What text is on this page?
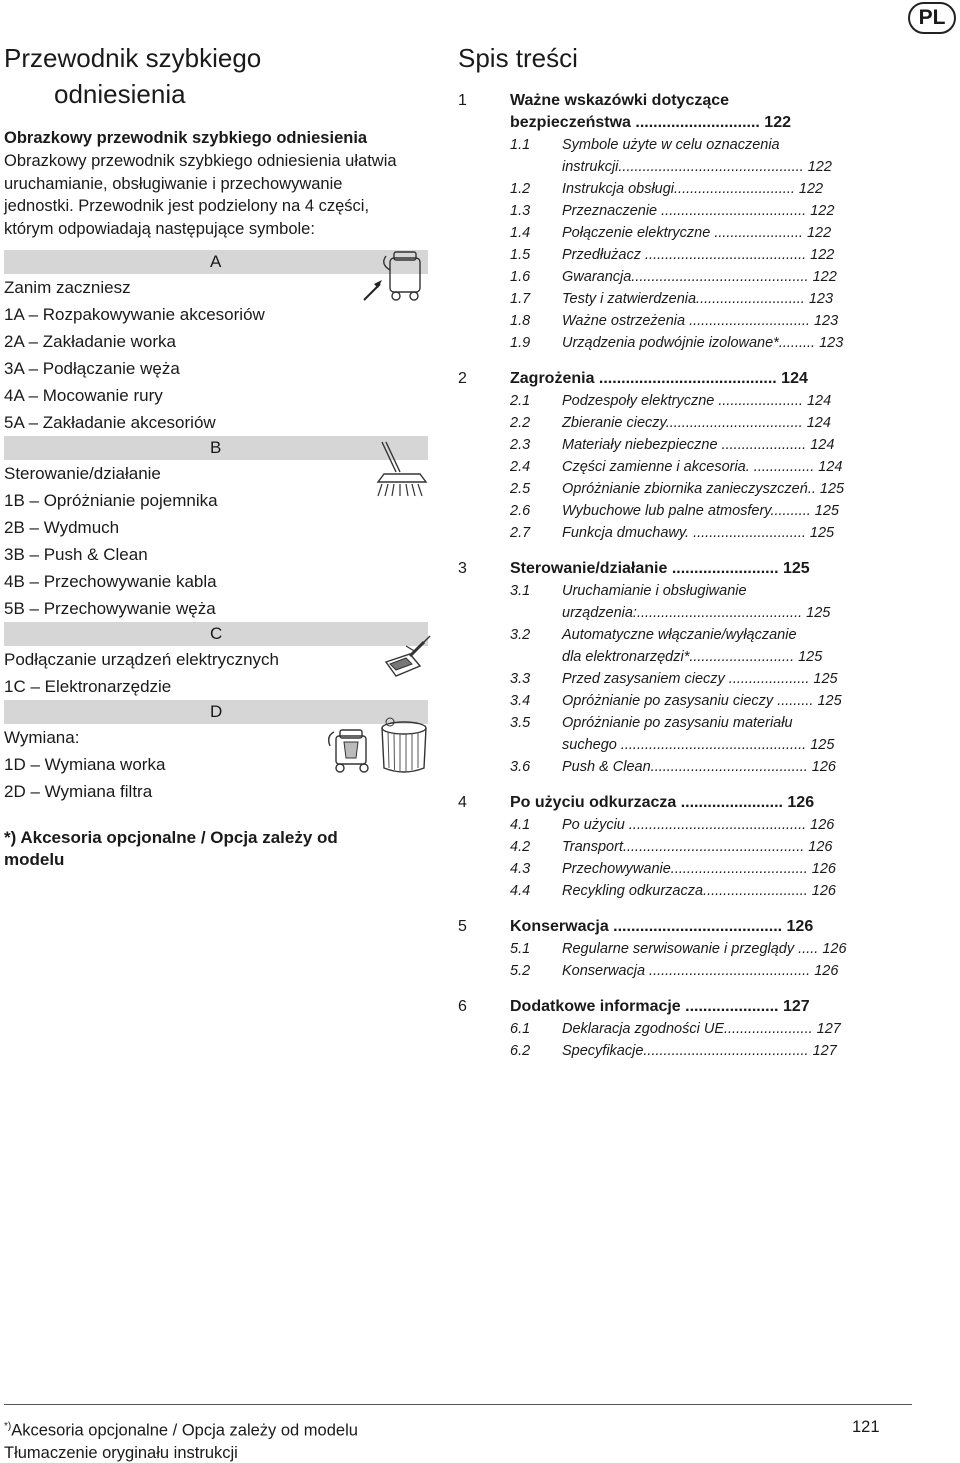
PL
Przewodnik szybkiego
odniesienia
Obrazkowy przewodnik szybkiego odniesienia
Obrazkowy przewodnik szybkiego odniesienia ułatwia uruchamianie, obsługiwanie i przechowywanie jednostki. Przewodnik jest podzielony na 4 części, którym odpowiadają następujące symbole:
A
Zanim zaczniesz
1A – Rozpakowywanie akcesoriów
2A – Zakładanie worka
3A – Podłączanie węża
4A – Mocowanie rury
5A – Zakładanie akcesoriów
B
Sterowanie/działanie
1B – Opróżnianie pojemnika
2B – Wydmuch
3B – Push & Clean
4B – Przechowywanie kabla
5B – Przechowywanie węża
C
Podłączanie urządzeń elektrycznych
1C – Elektronarzędzie
D
Wymiana:
1D – Wymiana worka
2D – Wymiana filtra
*) Akcesoria opcjonalne / Opcja zależy od modelu
Spis treści
1	Ważne wskazówki dotyczące
bezpieczeństwa ............................ 122
1.1	Symbole użyte w celu oznaczenia
instrukcji.............................................. 122
1.2	Instrukcja obsługi.............................. 122
1.3	Przeznaczenie .................................... 122
1.4	Połączenie elektryczne ...................... 122
1.5	Przedłużacz ........................................ 122
1.6	Gwarancja............................................ 122
1.7	Testy i zatwierdzenia........................... 123
1.8	Ważne ostrzeżenia .............................. 123
1.9	Urządzenia podwójnie izolowane*......... 123
2	Zagrożenia ........................................ 124
2.1	Podzespoły elektryczne ..................... 124
2.2	Zbieranie cieczy.................................. 124
2.3	Materiały niebezpieczne ..................... 124
2.4	Części zamienne i akcesoria. ............... 124
2.5	Opróżnianie zbiornika zanieczyszczeń.. 125
2.6	Wybuchowe lub palne atmosfery.......... 125
2.7	Funkcja dmuchawy. ............................ 125
3	Sterowanie/działanie ........................ 125
3.1	Uruchamianie i obsługiwanie
urządzenia:......................................... 125
3.2	Automatyczne włączanie/wyłączanie
dla elektronarzędzi*.......................... 125
3.3	Przed zasysaniem cieczy .................... 125
3.4	Opróżnianie po zasysaniu cieczy ......... 125
3.5	Opróżnianie po zasysaniu materiału
suchego .............................................. 125
3.6	Push & Clean....................................... 126
4	Po użyciu odkurzacza ....................... 126
4.1	Po użyciu ............................................ 126
4.2	Transport............................................. 126
4.3	Przechowywanie.................................. 126
4.4	Recykling odkurzacza.......................... 126
5	Konserwacja ...................................... 126
5.1	Regularne serwisowanie i przeglądy ..... 126
5.2	Konserwacja ........................................ 126
6	Dodatkowe informacje ..................... 127
6.1	Deklaracja zgodności UE...................... 127
6.2	Specyfikacje......................................... 127
*)Akcesoria opcjonalne / Opcja zależy od modelu
Tłumaczenie oryginału instrukcji
121
